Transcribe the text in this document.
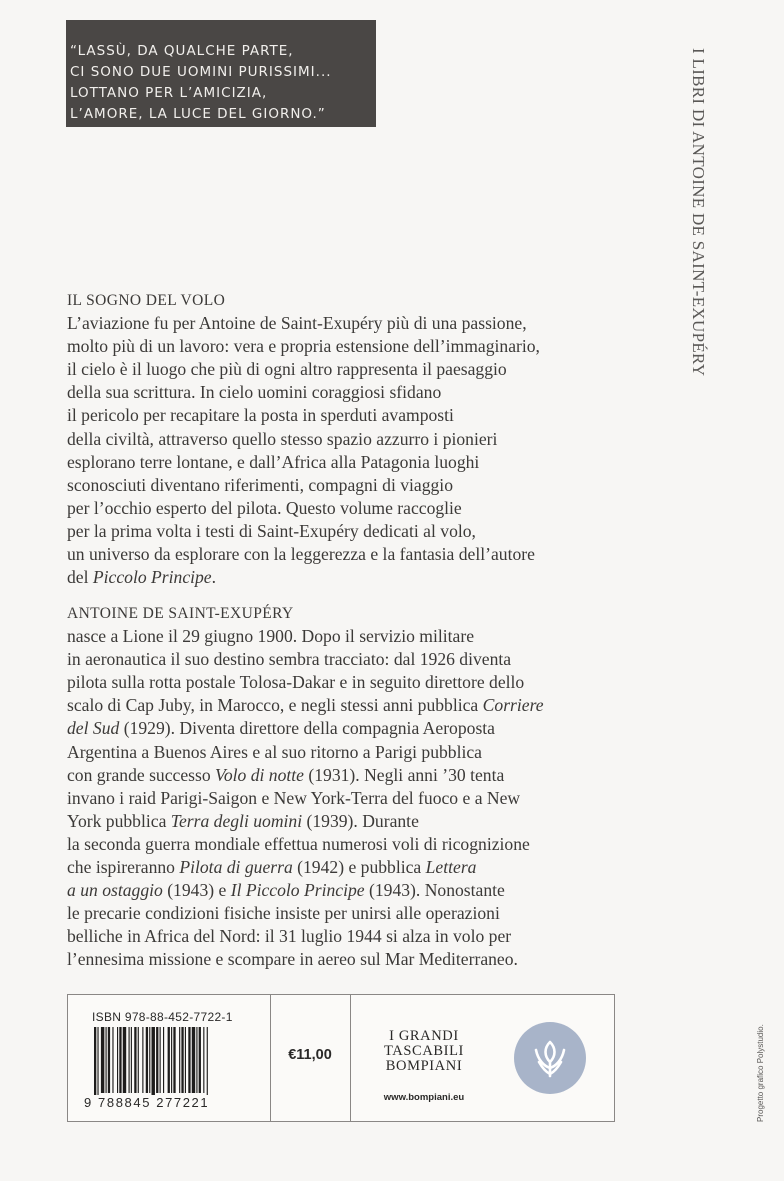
“LASSÙ, DA QUALCHE PARTE,
CI SONO DUE UOMINI PURISSIMI...
LOTTANO PER L’AMICIZIA,
L’AMORE, LA LUCE DEL GIORNO.”	I LIBRI DI ANTOINE DE SAINT-EXUPÉRY
IL SOGNO DEL VOLO
L’aviazione fu per Antoine de Saint-Exupéry più di una passione,
molto più di un lavoro: vera e propria estensione dell’immaginario,
il cielo è il luogo che più di ogni altro rappresenta il paesaggio
della sua scrittura. In cielo uomini coraggiosi sfidano
il pericolo per recapitare la posta in sperduti avamposti
della civiltà, attraverso quello stesso spazio azzurro i pionieri
esplorano terre lontane, e dall’Africa alla Patagonia luoghi
sconosciuti diventano riferimenti, compagni di viaggio
per l’occhio esperto del pilota. Questo volume raccoglie
per la prima volta i testi di Saint-Exupéry dedicati al volo,
un universo da esplorare con la leggerezza e la fantasia dell’autore
del Piccolo Principe.
ANTOINE DE SAINT-EXUPÉRY
nasce a Lione il 29 giugno 1900. Dopo il servizio militare
in aeronautica il suo destino sembra tracciato: dal 1926 diventa
pilota sulla rotta postale Tolosa-Dakar e in seguito direttore dello
scalo di Cap Juby, in Marocco, e negli stessi anni pubblica Corriere
del Sud (1929). Diventa direttore della compagnia Aeroposta
Argentina a Buenos Aires e al suo ritorno a Parigi pubblica
con grande successo Volo di notte (1931). Negli anni ’30 tenta
invano i raid Parigi-Saigon e New York-Terra del fuoco e a New
York pubblica Terra degli uomini (1939). Durante
la seconda guerra mondiale effettua numerosi voli di ricognizione
che ispireranno Pilota di guerra (1942) e pubblica Lettera
a un ostaggio (1943) e Il Piccolo Principe (1943). Nonostante
le precarie condizioni fisiche insiste per unirsi alle operazioni
belliche in Africa del Nord: il 31 luglio 1944 si alza in volo per
l’ennesima missione e scompare in aereo sul Mar Mediterraneo.
ISBN 978-88-452-7722-1
9 788845 277221
€11,00
I GRANDI
TASCABILI
BOMPIANI
www.bompiani.eu	Progetto grafico Polystudio.
